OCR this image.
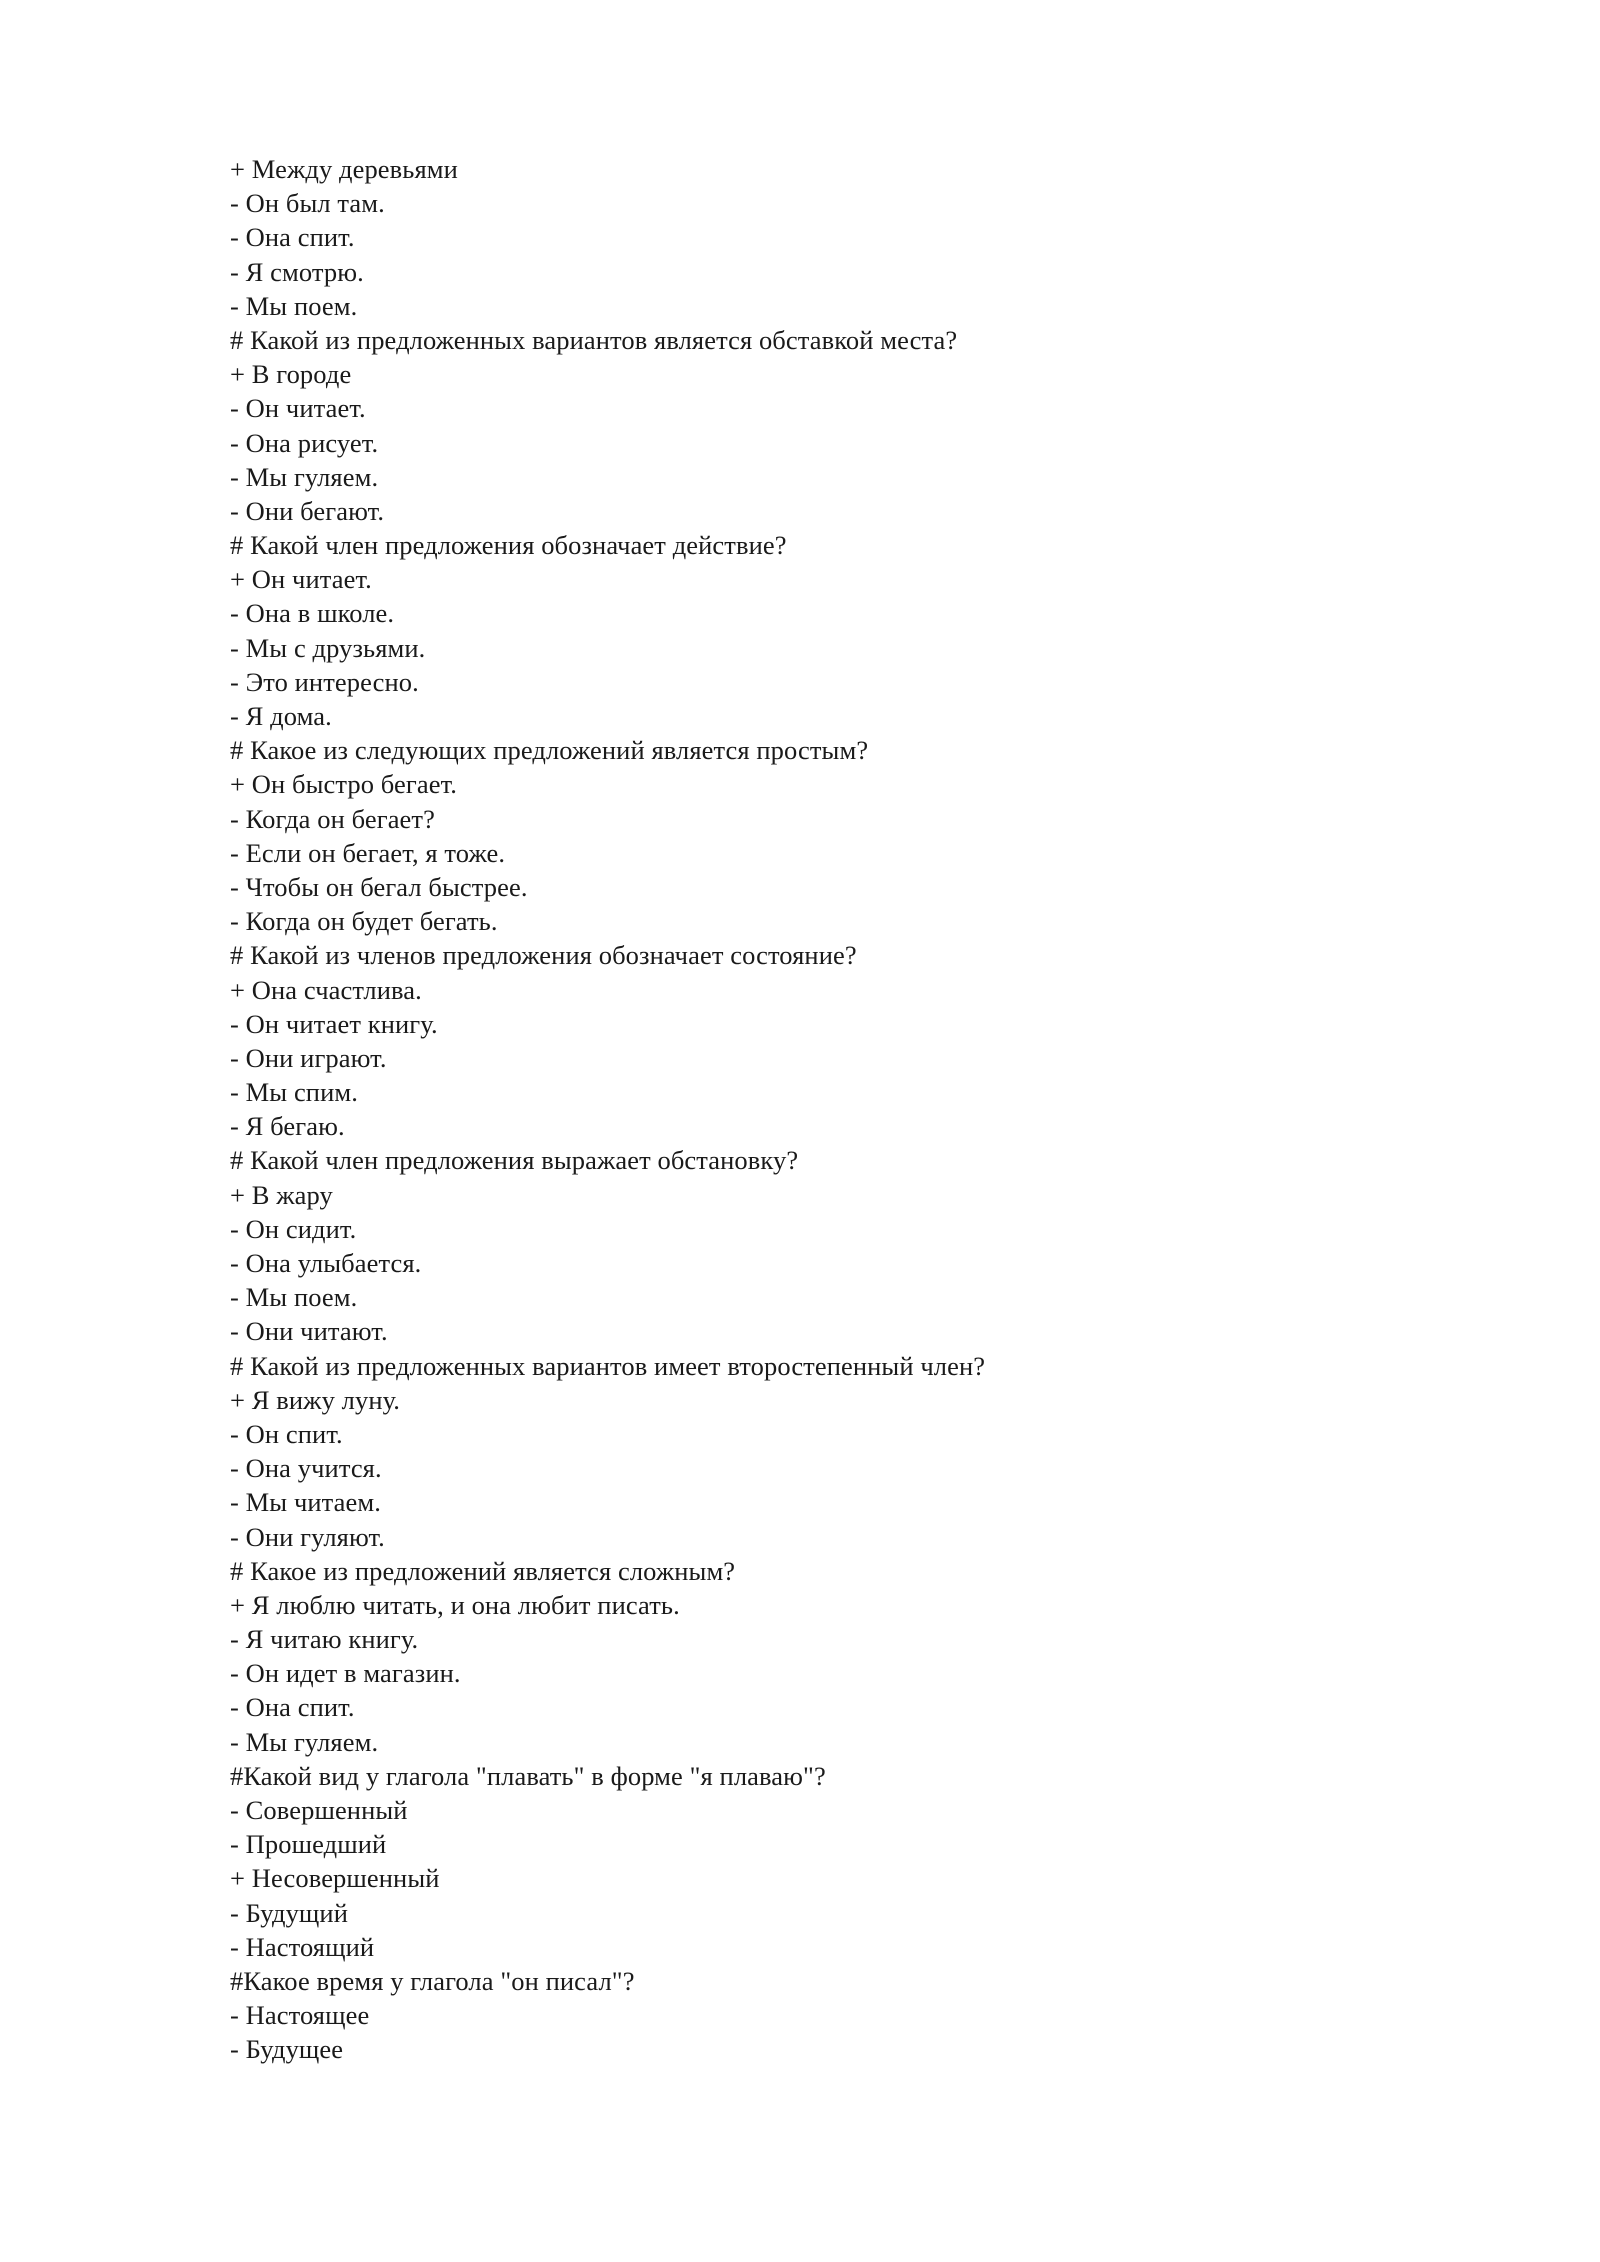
+ Между деревьями
- Он был там.
- Она спит.
- Я смотрю.
- Мы поем.
# Какой из предложенных вариантов является обставкой места?
+ В городе
- Он читает.
- Она рисует.
- Мы гуляем.
- Они бегают.
# Какой член предложения обозначает действие?
+ Он читает.
- Она в школе.
- Мы с друзьями.
- Это интересно.
- Я дома.
# Какое из следующих предложений является простым?
+ Он быстро бегает.
- Когда он бегает?
- Если он бегает, я тоже.
- Чтобы он бегал быстрее.
- Когда он будет бегать.
# Какой из членов предложения обозначает состояние?
+ Она счастлива.
- Он читает книгу.
- Они играют.
- Мы спим.
- Я бегаю.
# Какой член предложения выражает обстановку?
+ В жару
- Он сидит.
- Она улыбается.
- Мы поем.
- Они читают.
# Какой из предложенных вариантов имеет второстепенный член?
+ Я вижу луну.
- Он спит.
- Она учится.
- Мы читаем.
- Они гуляют.
# Какое из предложений является сложным?
+ Я люблю читать, и она любит писать.
- Я читаю книгу.
- Он идет в магазин.
- Она спит.
- Мы гуляем.
#Какой вид у глагола "плавать" в форме "я плаваю"?
- Совершенный
- Прошедший
+ Несовершенный
- Будущий
- Настоящий
#Какое время у глагола "он писал"?
- Настоящее
- Будущее
